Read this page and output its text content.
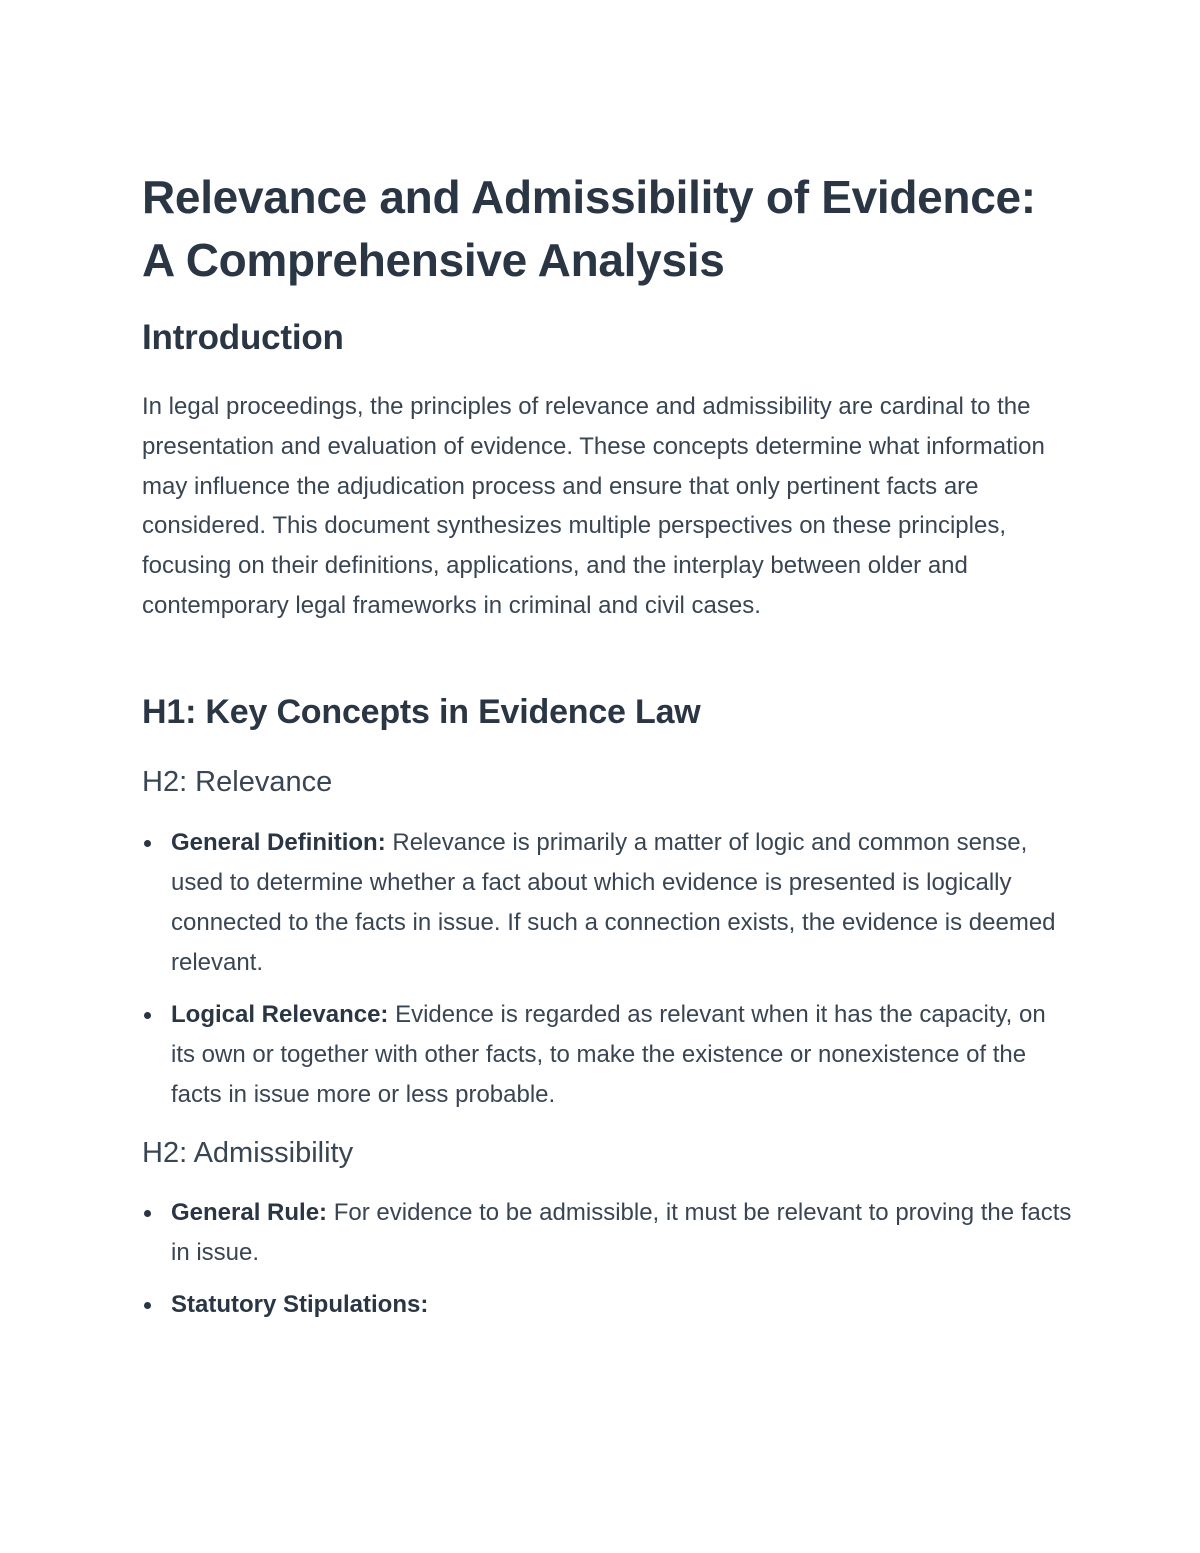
Relevance and Admissibility of Evidence: A Comprehensive Analysis
Introduction

In legal proceedings, the principles of relevance and admissibility are cardinal to the presentation and evaluation of evidence. These concepts determine what information may influence the adjudication process and ensure that only pertinent facts are considered. This document synthesizes multiple perspectives on these principles, focusing on their definitions, applications, and the interplay between older and contemporary legal frameworks in criminal and civil cases.

H1: Key Concepts in Evidence Law
H2: Relevance
General Definition: Relevance is primarily a matter of logic and common sense, used to determine whether a fact about which evidence is presented is logically connected to the facts in issue. If such a connection exists, the evidence is deemed relevant.
Logical Relevance: Evidence is regarded as relevant when it has the capacity, on its own or together with other facts, to make the existence or nonexistence of the facts in issue more or less probable.
H2: Admissibility
General Rule: For evidence to be admissible, it must be relevant to proving the facts in issue.
Statutory Stipulations:
